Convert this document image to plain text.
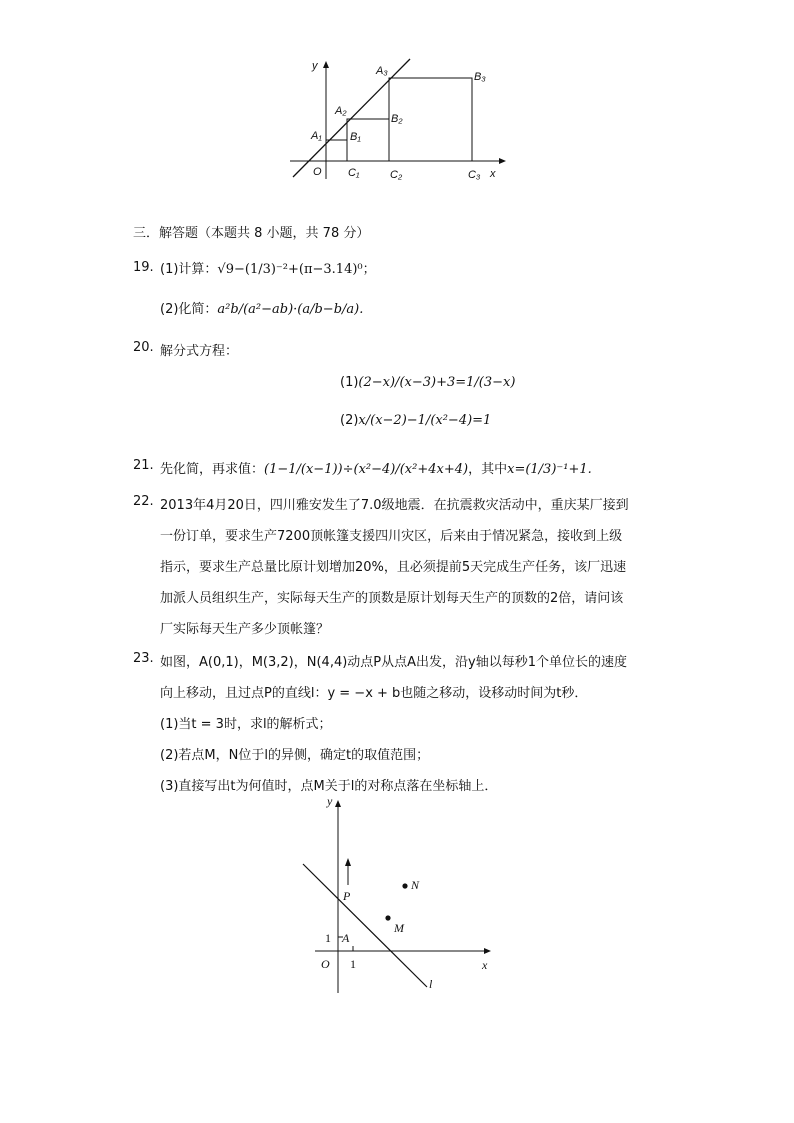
y
x
O
A₁
A₂
A₃
B₁
B₂
B₃
C₁	C₂	C₃
三．解答题（本题共 8 小题，共 78 分）
19. (1)计算：√9−(1/3)⁻²+(π−3.14)⁰；
(2)化简：a²b/(a²−ab)·(a/b−b/a).
20. 解分式方程：
(1)(2−x)/(x−3)+3=1/(3−x)
(2)x/(x−2)−1/(x²−4)=1
21. 先化简，再求值：(1−1/(x−1))÷(x²−4)/(x²+4x+4)，其中x=(1/3)⁻¹+1.
22. 2013年4月20日，四川雅安发生了7.0级地震．在抗震救灾活动中，重庆某厂接到
一份订单，要求生产7200顶帐篷支援四川灾区，后来由于情况紧急，接收到上级
指示，要求生产总量比原计划增加20%，且必须提前5天完成生产任务，该厂迅速
加派人员组织生产，实际每天生产的顶数是原计划每天生产的顶数的2倍，请问该
厂实际每天生产多少顶帐篷？
23. 如图，A(0,1)，M(3,2)，N(4,4)动点P从点A出发，沿y轴以每秒1个单位长的速度
向上移动，且过点P的直线l：y = −x + b也随之移动，设移动时间为t秒．
(1)当t = 3时，求l的解析式；
(2)若点M，N位于l的异侧，确定t的取值范围；
(3)直接写出t为何值时，点M关于l的对称点落在坐标轴上．
y
x
O
P
N
M
A
1
1
l
